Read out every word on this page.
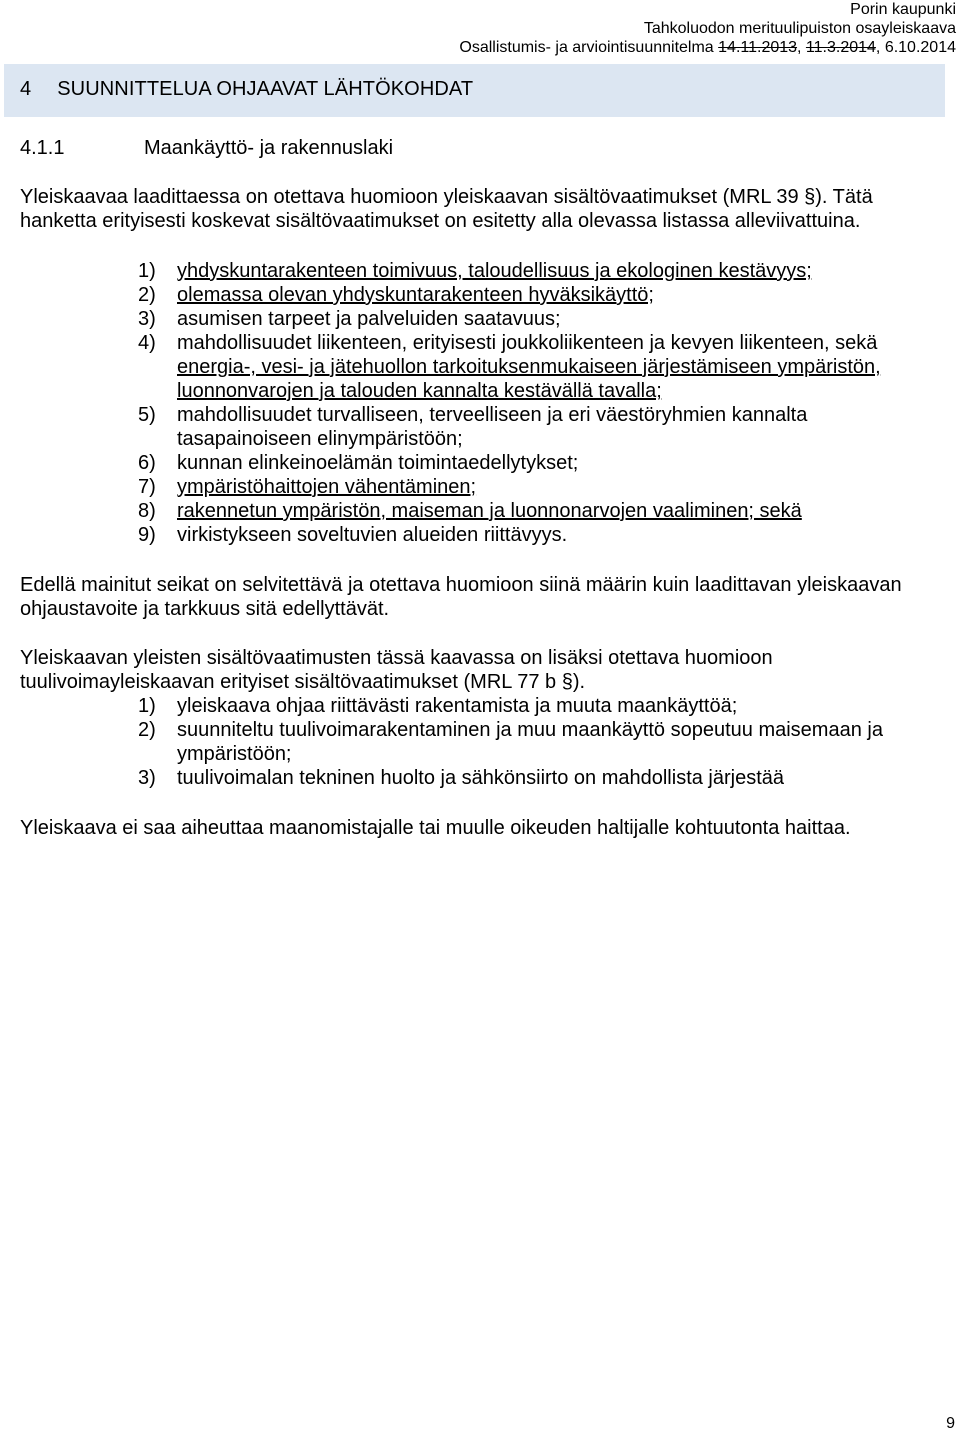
Porin kaupunki
Tahkoluodon merituulipuiston osayleiskaava
Osallistumis- ja arviointisuunnitelma 14.11.2013, 11.3.2014, 6.10.2014
4 SUUNNITTELUA OHJAAVAT LÄHTÖKOHDAT
4.1.1	Maankäyttö- ja rakennuslaki
Yleiskaavaa laadittaessa on otettava huomioon yleiskaavan sisältövaatimukset (MRL 39 §). Tätä hanketta erityisesti koskevat sisältövaatimukset on esitetty alla olevassa listassa alleviivattuina.
1)	yhdyskuntarakenteen toimivuus, taloudellisuus ja ekologinen kestävyys;
2)	olemassa olevan yhdyskuntarakenteen hyväksikäyttö;
3)	asumisen tarpeet ja palveluiden saatavuus;
4)	mahdollisuudet liikenteen, erityisesti joukkoliikenteen ja kevyen liikenteen, sekä energia-, vesi- ja jätehuollon tarkoituksenmukaiseen järjestämiseen ympäristön, luonnonvarojen ja talouden kannalta kestävällä tavalla;
5)	mahdollisuudet turvalliseen, terveelliseen ja eri väestöryhmien kannalta tasapainoiseen elinympäristöön;
6)	kunnan elinkeinoelämän toimintaedellytykset;
7)	ympäristöhaittojen vähentäminen;
8)	rakennetun ympäristön, maiseman ja luonnonarvojen vaaliminen; sekä
9)	virkistykseen soveltuvien alueiden riittävyys.
Edellä mainitut seikat on selvitettävä ja otettava huomioon siinä määrin kuin laadittavan yleiskaavan ohjaustavoite ja tarkkuus sitä edellyttävät.
Yleiskaavan yleisten sisältövaatimusten tässä kaavassa on lisäksi otettava huomioon tuulivoimayleiskaavan erityiset sisältövaatimukset (MRL 77 b §).
1)	yleiskaava ohjaa riittävästi rakentamista ja muuta maankäyttöä;
2)	suunniteltu tuulivoimarakentaminen ja muu maankäyttö sopeutuu maisemaan ja ympäristöön;
3)	tuulivoimalan tekninen huolto ja sähkönsiirto on mahdollista järjestää
Yleiskaava ei saa aiheuttaa maanomistajalle tai muulle oikeuden haltijalle kohtuutonta haittaa.
9
